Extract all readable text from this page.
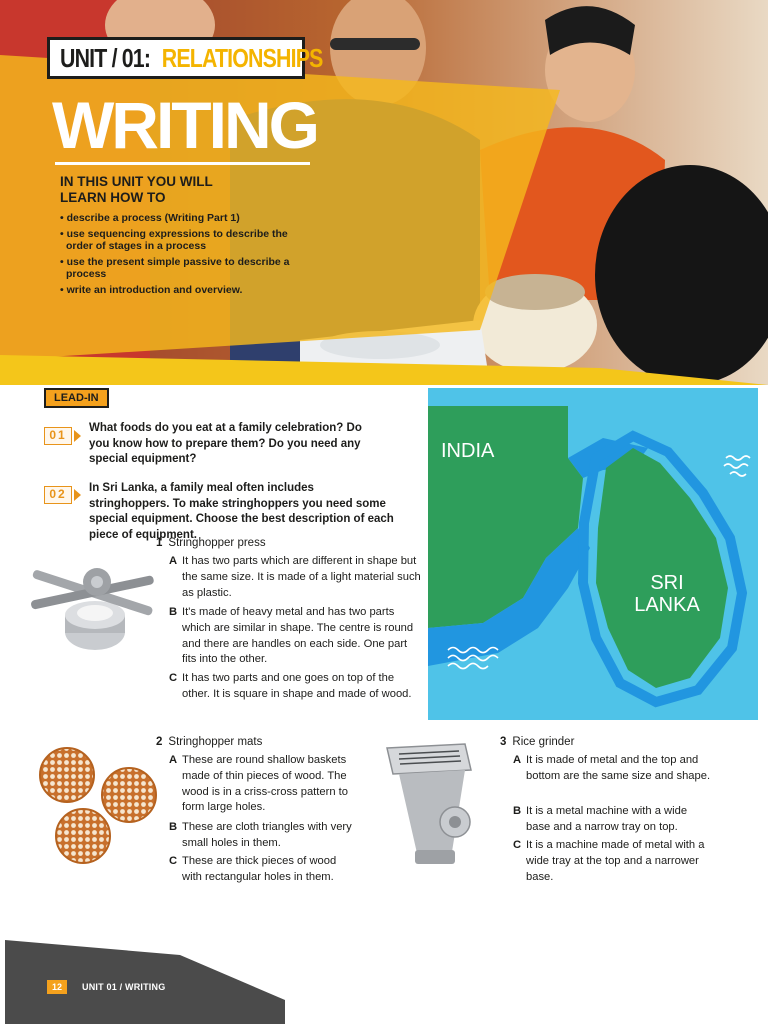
UNIT / 01: RELATIONSHIPS
WRITING
IN THIS UNIT YOU WILL
LEARN HOW TO
• describe a process (Writing Part 1)
• use sequencing expressions to describe the order of stages in a process
• use the present simple passive to describe a process
• write an introduction and overview.
LEAD-IN
01	What foods do you eat at a family celebration? Do you know how to prepare them? Do you need any special equipment?
02	In Sri Lanka, a family meal often includes stringhoppers. To make stringhoppers you need some special equipment. Choose the best description of each piece of equipment.
INDIA
SRI
LANKA
1 Stringhopper press
A It has two parts which are different in shape but the same size. It is made of a light material such as plastic.
B It's made of heavy metal and has two parts which are similar in shape. The centre is round and there are handles on each side. One part fits into the other.
C It has two parts and one goes on top of the other. It is square in shape and made of wood.
2 Stringhopper mats
A These are round shallow baskets made of thin pieces of wood. The wood is in a criss-cross pattern to form large holes.
B These are cloth triangles with very small holes in them.
C These are thick pieces of wood with rectangular holes in them.
3 Rice grinder
A It is made of metal and the top and bottom are the same size and shape.
B It is a metal machine with a wide base and a narrow tray on top.
C It is a machine made of metal with a wide tray at the top and a narrower base.
12	UNIT 01 / WRITING
